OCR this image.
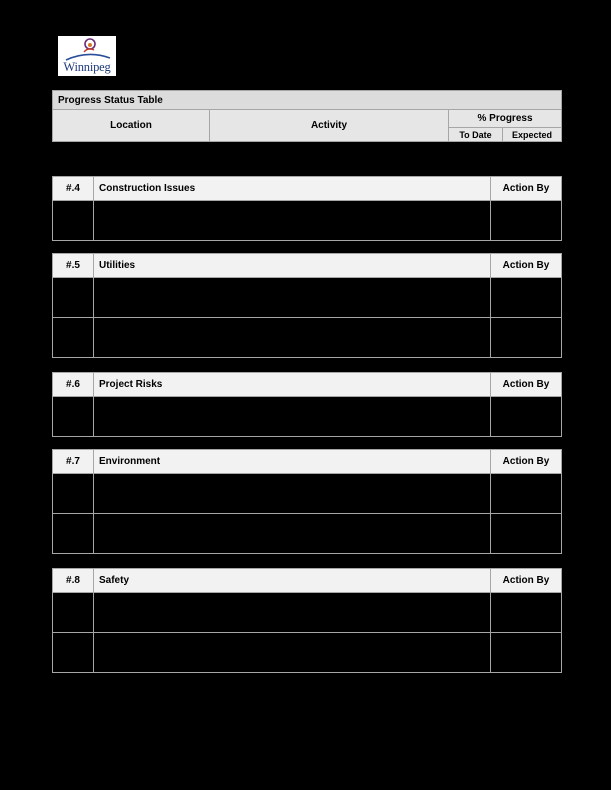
Winnipeg
Progress Status Table			
Location	Activity	% Progress	
		To Date	Expected
#.4	Construction Issues	Action By

#.5	Utilities	Action By

#.6	Project Risks	Action By

#.7	Environment	Action By

#.8	Safety	Action By
